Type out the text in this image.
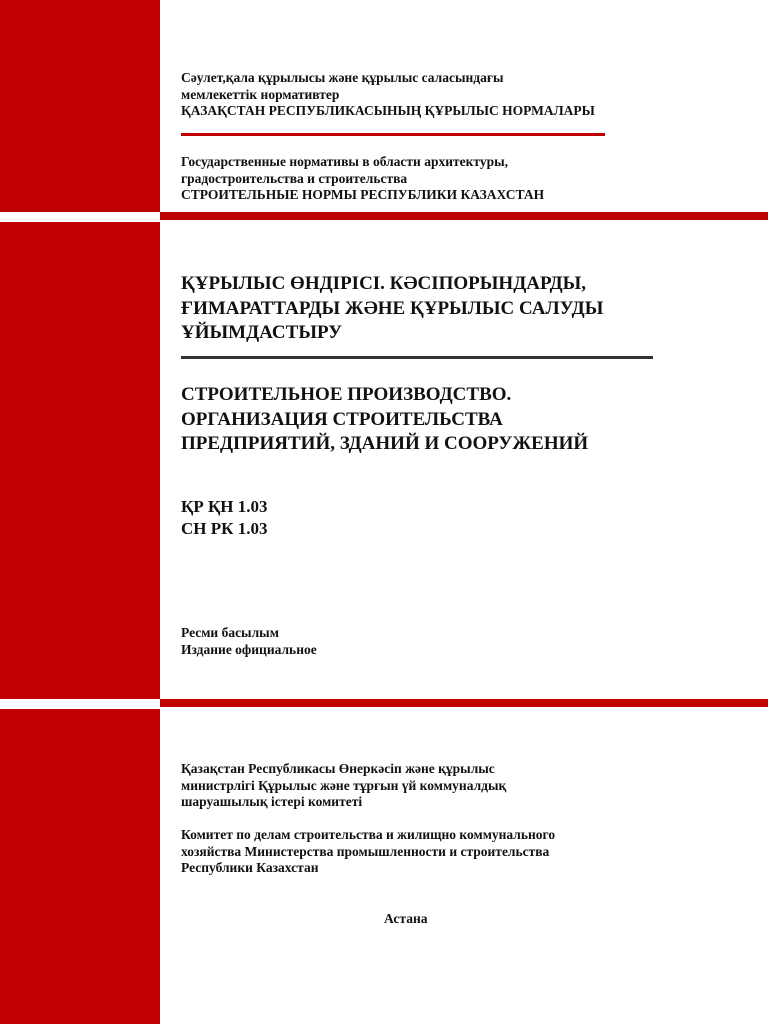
Сәулет,қала құрылысы және құрылыс саласындағы
мемлекеттік нормативтер
ҚАЗАҚСТАН РЕСПУБЛИКАСЫНЫҢ ҚҰРЫЛЫС НОРМАЛАРЫ
Государственные нормативы в области архитектуры,
градостроительства и строительства
СТРОИТЕЛЬНЫЕ НОРМЫ РЕСПУБЛИКИ КАЗАХСТАН
ҚҰРЫЛЫС ӨНДІРІСІ. КӘСІПОРЫНДАРДЫ,
ҒИМАРАТТАРДЫ ЖӘНЕ ҚҰРЫЛЫС САЛУДЫ
ҰЙЫМДАСТЫРУ
СТРОИТЕЛЬНОЕ ПРОИЗВОДСТВО.
ОРГАНИЗАЦИЯ СТРОИТЕЛЬСТВА
ПРЕДПРИЯТИЙ, ЗДАНИЙ И СООРУЖЕНИЙ
ҚР ҚН 1.03
СН РК 1.03
Ресми басылым
Издание официальное
Қазақстан Республикасы Өнеркәсіп және құрылыс
министрлігі Құрылыс және тұрғын үй коммуналдық
шаруашылық істері комитеті
Комитет по делам строительства и жилищно коммунального
хозяйства Министерства промышленности и строительства
Республики Казахстан
Астана
